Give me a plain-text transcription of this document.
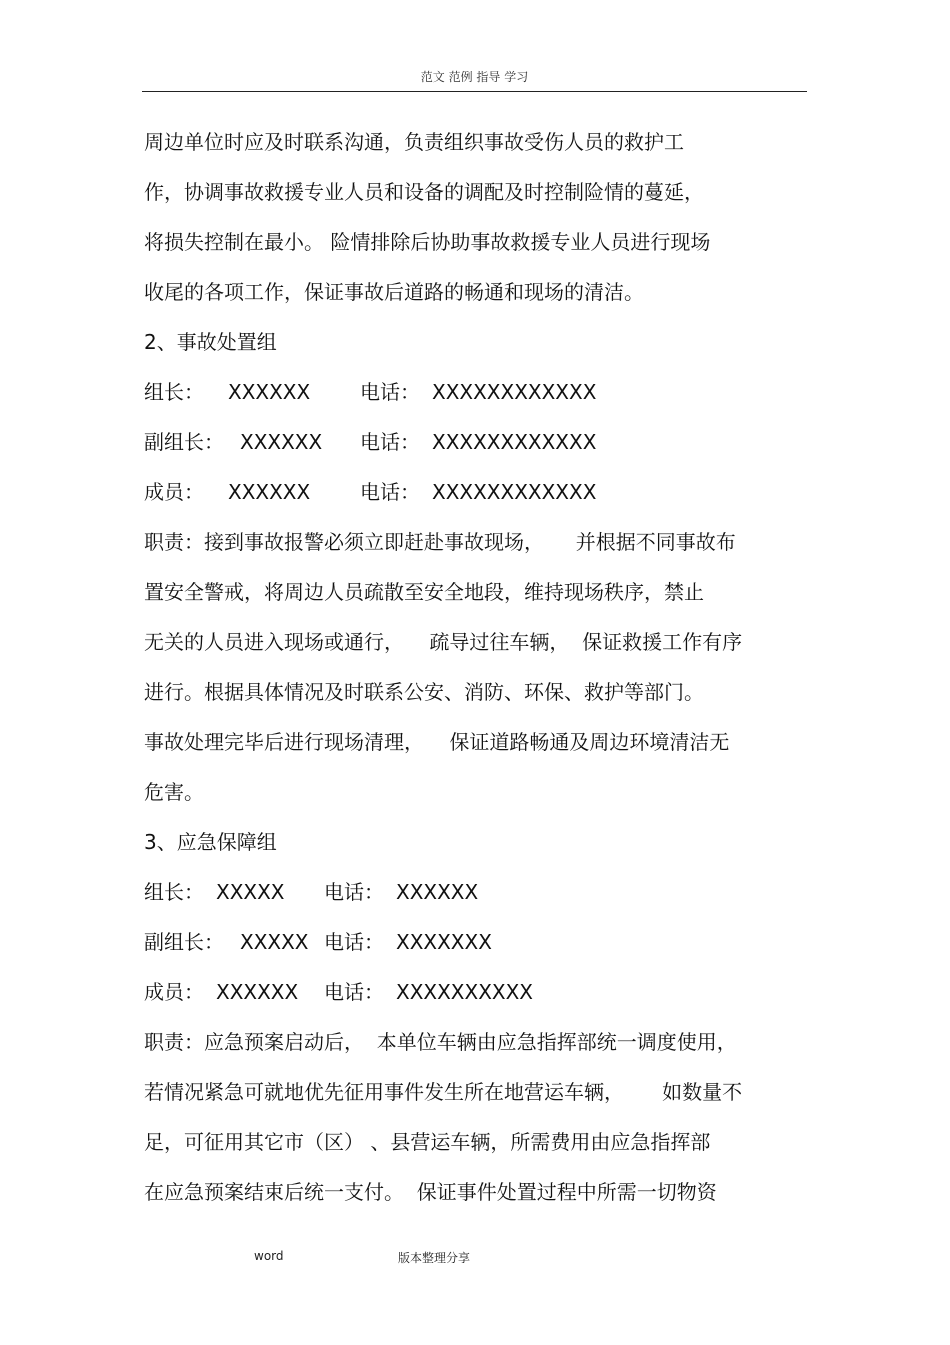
范文 范例 指导 学习
周边单位时应及时联系沟通，负责组织事故受伤人员的救护工
作，协调事故救援专业人员和设备的调配及时控制险情的蔓延，
将损失控制在最小。 险情排除后协助事故救援专业人员进行现场
收尾的各项工作，保证事故后道路的畅通和现场的清洁。
2、事故处置组
组长： XXXXXX 电话： XXXXXXXXXXXX
副组长： XXXXXX 电话： XXXXXXXXXXXX
成员： XXXXXX 电话： XXXXXXXXXXXX
职责：接到事故报警必须立即赶赴事故现场，     并根据不同事故布
置安全警戒，将周边人员疏散至安全地段，维持现场秩序，禁止
无关的人员进入现场或通行，    疏导过往车辆，  保证救援工作有序
进行。根据具体情况及时联系公安、消防、环保、救护等部门。
事故处理完毕后进行现场清理，    保证道路畅通及周边环境清洁无
危害。
3、应急保障组
组长： XXXXX 电话： XXXXXX
副组长： XXXXX 电话： XXXXXXX
成员： XXXXXX 电话： XXXXXXXXXX
职责：应急预案启动后，  本单位车辆由应急指挥部统一调度使用，
若情况紧急可就地优先征用事件发生所在地营运车辆，      如数量不
足，可征用其它市（区） 、县营运车辆，所需费用由应急指挥部
在应急预案结束后统一支付。  保证事件处置过程中所需一切物资
word	版本整理分享
